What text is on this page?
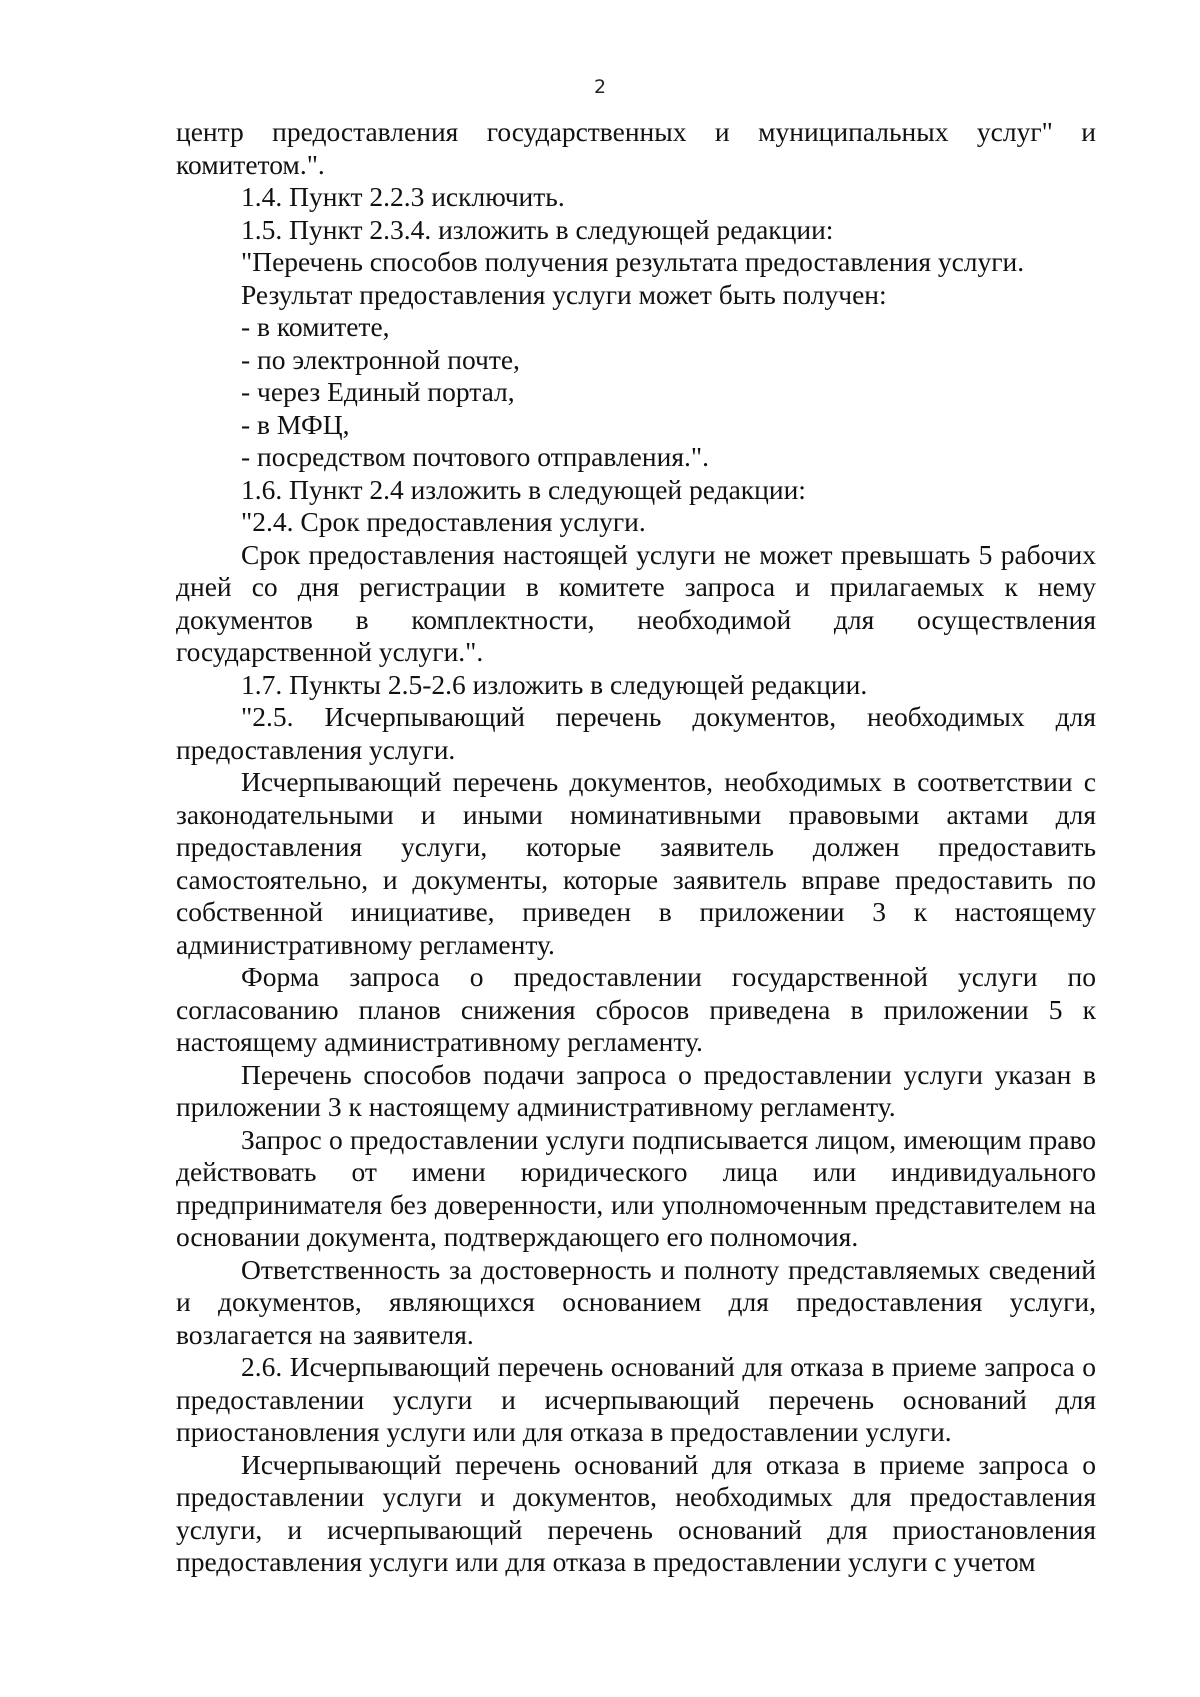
2

центр предоставления государственных и муниципальных услуг" и комитетом.".

1.4. Пункт 2.2.3 исключить.

1.5. Пункт 2.3.4. изложить в следующей редакции:

"Перечень способов получения результата предоставления услуги.

Результат предоставления услуги может быть получен:

- в комитете,

- по электронной почте,

- через Единый портал,

- в МФЦ,

- посредством почтового отправления.".

1.6. Пункт 2.4 изложить в следующей редакции:

"2.4. Срок предоставления услуги.

Срок предоставления настоящей услуги не может превышать 5 рабочих дней со дня регистрации в комитете запроса и прилагаемых к нему документов в комплектности, необходимой для осуществления государственной услуги.".

1.7. Пункты 2.5-2.6 изложить в следующей редакции.

"2.5. Исчерпывающий перечень документов, необходимых для предоставления услуги.

Исчерпывающий перечень документов, необходимых в соответствии с законодательными и иными номинативными правовыми актами для предоставления услуги, которые заявитель должен предоставить самостоятельно, и документы, которые заявитель вправе предоставить по собственной инициативе, приведен в приложении 3 к настоящему административному регламенту.

Форма запроса о предоставлении государственной услуги по согласованию планов снижения сбросов приведена в приложении 5 к настоящему административному регламенту.

Перечень способов подачи запроса о предоставлении услуги указан в приложении 3 к настоящему административному регламенту.

Запрос о предоставлении услуги подписывается лицом, имеющим право действовать от имени юридического лица или индивидуального предпринимателя без доверенности, или уполномоченным представителем на основании документа, подтверждающего его полномочия.

Ответственность за достоверность и полноту представляемых сведений и документов, являющихся основанием для предоставления услуги, возлагается на заявителя.

2.6. Исчерпывающий перечень оснований для отказа в приеме запроса о предоставлении услуги и исчерпывающий перечень оснований для приостановления услуги или для отказа в предоставлении услуги.

Исчерпывающий перечень оснований для отказа в приеме запроса о предоставлении услуги и документов, необходимых для предоставления услуги, и исчерпывающий перечень оснований для приостановления предоставления услуги или для отказа в предоставлении услуги с учетом
